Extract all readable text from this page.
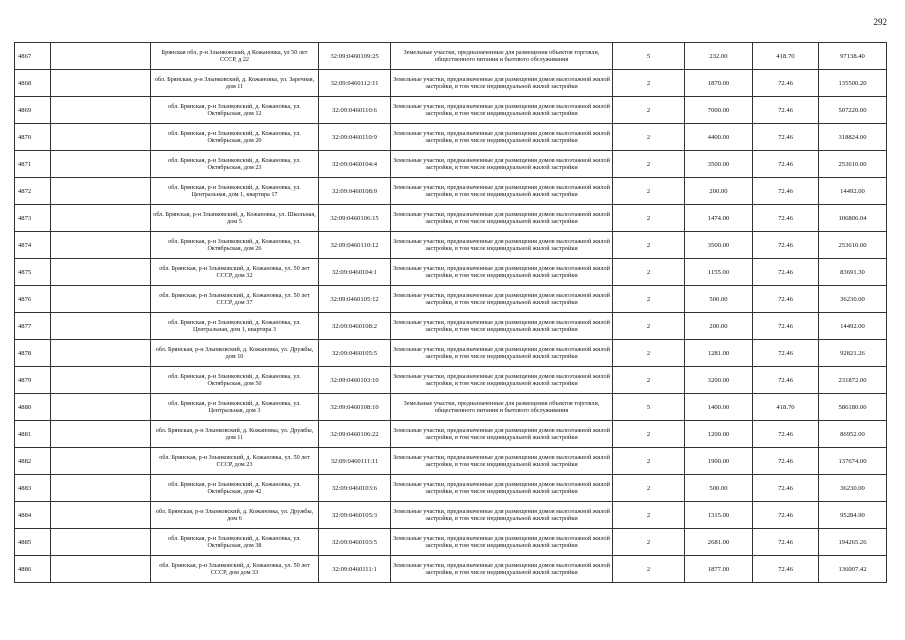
292
4867		Брянская обл, р-н Злынковский, д Кожановка, ул 50 лет СССР, д 22	32:09:0460109:25	Земельные участки, предназначенные для размещения объектов торговли, общественного питания и бытового обслуживания	5	232.00	418.70	97138.40
4868		обл. Брянская, р-н Злынковский, д. Кожановка, ул. Заречная, дом 11	32:09:0460112:11	Земельные участки, предназначенные для размещения домов малоэтажной жилой застройки, в том числе индивидуальной жилой застройки	2	1870.00	72.46	135500.20
4869		обл. Брянская, р-н Злынковский, д. Кожановка, ул. Октябрьская, дом 12	32:09:0460110:6	Земельные участки, предназначенные для размещения домов малоэтажной жилой застройки, в том числе индивидуальной жилой застройки	2	7000.00	72.46	507220.00
4870		обл. Брянская, р-н Злынковский, д. Кожановка, ул. Октябрьская, дом 20	32:09:0460110:9	Земельные участки, предназначенные для размещения домов малоэтажной жилой застройки, в том числе индивидуальной жилой застройки	2	4400.00	72.46	318824.00
4871		обл. Брянская, р-н Злынковский, д. Кожановка, ул. Октябрьская, дом 23	32:09:0460104:4	Земельные участки, предназначенные для размещения домов малоэтажной жилой застройки, в том числе индивидуальной жилой застройки	2	3500.00	72.46	253610.00
4872		обл. Брянская, р-н Злынковский, д. Кожановка, ул. Центральная, дом 1, квартира 17	32:09:0460108:9	Земельные участки, предназначенные для размещения домов малоэтажной жилой застройки, в том числе индивидуальной жилой застройки	2	200.00	72.46	14492.00
4873		обл. Брянская, р-н Злынковский, д. Кожановка, ул. Школьная, дом 5	32:09:0460106:15	Земельные участки, предназначенные для размещения домов малоэтажной жилой застройки, в том числе индивидуальной жилой застройки	2	1474.00	72.46	106806.04
4874		обл. Брянская, р-н Злынковский, д. Кожановка, ул. Октябрьская, дом 26	32:09:0460110:12	Земельные участки, предназначенные для размещения домов малоэтажной жилой застройки, в том числе индивидуальной жилой застройки	2	3500.00	72.46	253610.00
4875		обл. Брянская, р-н Злынковский, д. Кожановка, ул. 50 лет СССР, дом 32	32:09:0460104:1	Земельные участки, предназначенные для размещения домов малоэтажной жилой застройки, в том числе индивидуальной жилой застройки	2	1155.00	72.46	83691.30
4876		обл. Брянская, р-н Злынковский, д. Кожановка, ул. 50 лет СССР, дом 37	32:09:0460105:12	Земельные участки, предназначенные для размещения домов малоэтажной жилой застройки, в том числе индивидуальной жилой застройки	2	500.00	72.46	36230.00
4877		обл. Брянская, р-н Злынковский, д. Кожановка, ул. Центральная, дом 1, квартира 3	32:09:0460108:2	Земельные участки, предназначенные для размещения домов малоэтажной жилой застройки, в том числе индивидуальной жилой застройки	2	200.00	72.46	14492.00
4878		обл. Брянская, р-н Злынковский, д. Кожановка, ул. Дружбы, дом 10	32:09:0460105:5	Земельные участки, предназначенные для размещения домов малоэтажной жилой застройки, в том числе индивидуальной жилой застройки	2	1281.00	72.46	92821.26
4879		обл. Брянская, р-н Злынковский, д. Кожановка, ул. Октябрьская, дом 50	32:09:0460103:10	Земельные участки, предназначенные для размещения домов малоэтажной жилой застройки, в том числе индивидуальной жилой застройки	2	3200.00	72.46	231872.00
4880		обл. Брянская, р-н Злынковский, д. Кожановка, ул. Центральная, дом 3	32:09:0460108:10	Земельные участки, предназначенные для размещения объектов торговли, общественного питания и бытового обслуживания	5	1400.00	418.70	586180.00
4881		обл. Брянская, р-н Злынковский, д. Кожановка, ул. Дружбы, дом 11	32:09:0460106:22	Земельные участки, предназначенные для размещения домов малоэтажной жилой застройки, в том числе индивидуальной жилой застройки	2	1200.00	72.46	86952.00
4882		обл. Брянская, р-н Злынковский, д. Кожановка, ул. 50 лет СССР, дом 23	32:09:0460111:11	Земельные участки, предназначенные для размещения домов малоэтажной жилой застройки, в том числе индивидуальной жилой застройки	2	1900.00	72.46	137674.00
4883		обл. Брянская, р-н Злынковский, д. Кожановка, ул. Октябрьская, дом 42	32:09:0460103:6	Земельные участки, предназначенные для размещения домов малоэтажной жилой застройки, в том числе индивидуальной жилой застройки	2	500.00	72.46	36230.00
4884		обл. Брянская, р-н Злынковский, д. Кожановка, ул. Дружбы, дом 6	32:09:0460105:3	Земельные участки, предназначенные для размещения домов малоэтажной жилой застройки, в том числе индивидуальной жилой застройки	2	1315.00	72.46	95284.90
4885		обл. Брянская, р-н Злынковский, д. Кожановка, ул. Октябрьская, дом 38	32:09:0460103:5	Земельные участки, предназначенные для размещения домов малоэтажной жилой застройки, в том числе индивидуальной жилой застройки	2	2681.00	72.46	194265.26
4886		обл. Брянская, р-н Злынковский, д. Кожановка, ул. 50 лет СССР, дом дом 33	32:09:0460111:1	Земельные участки, предназначенные для размещения домов малоэтажной жилой застройки, в том числе индивидуальной жилой застройки	2	1877.00	72.46	136007.42
